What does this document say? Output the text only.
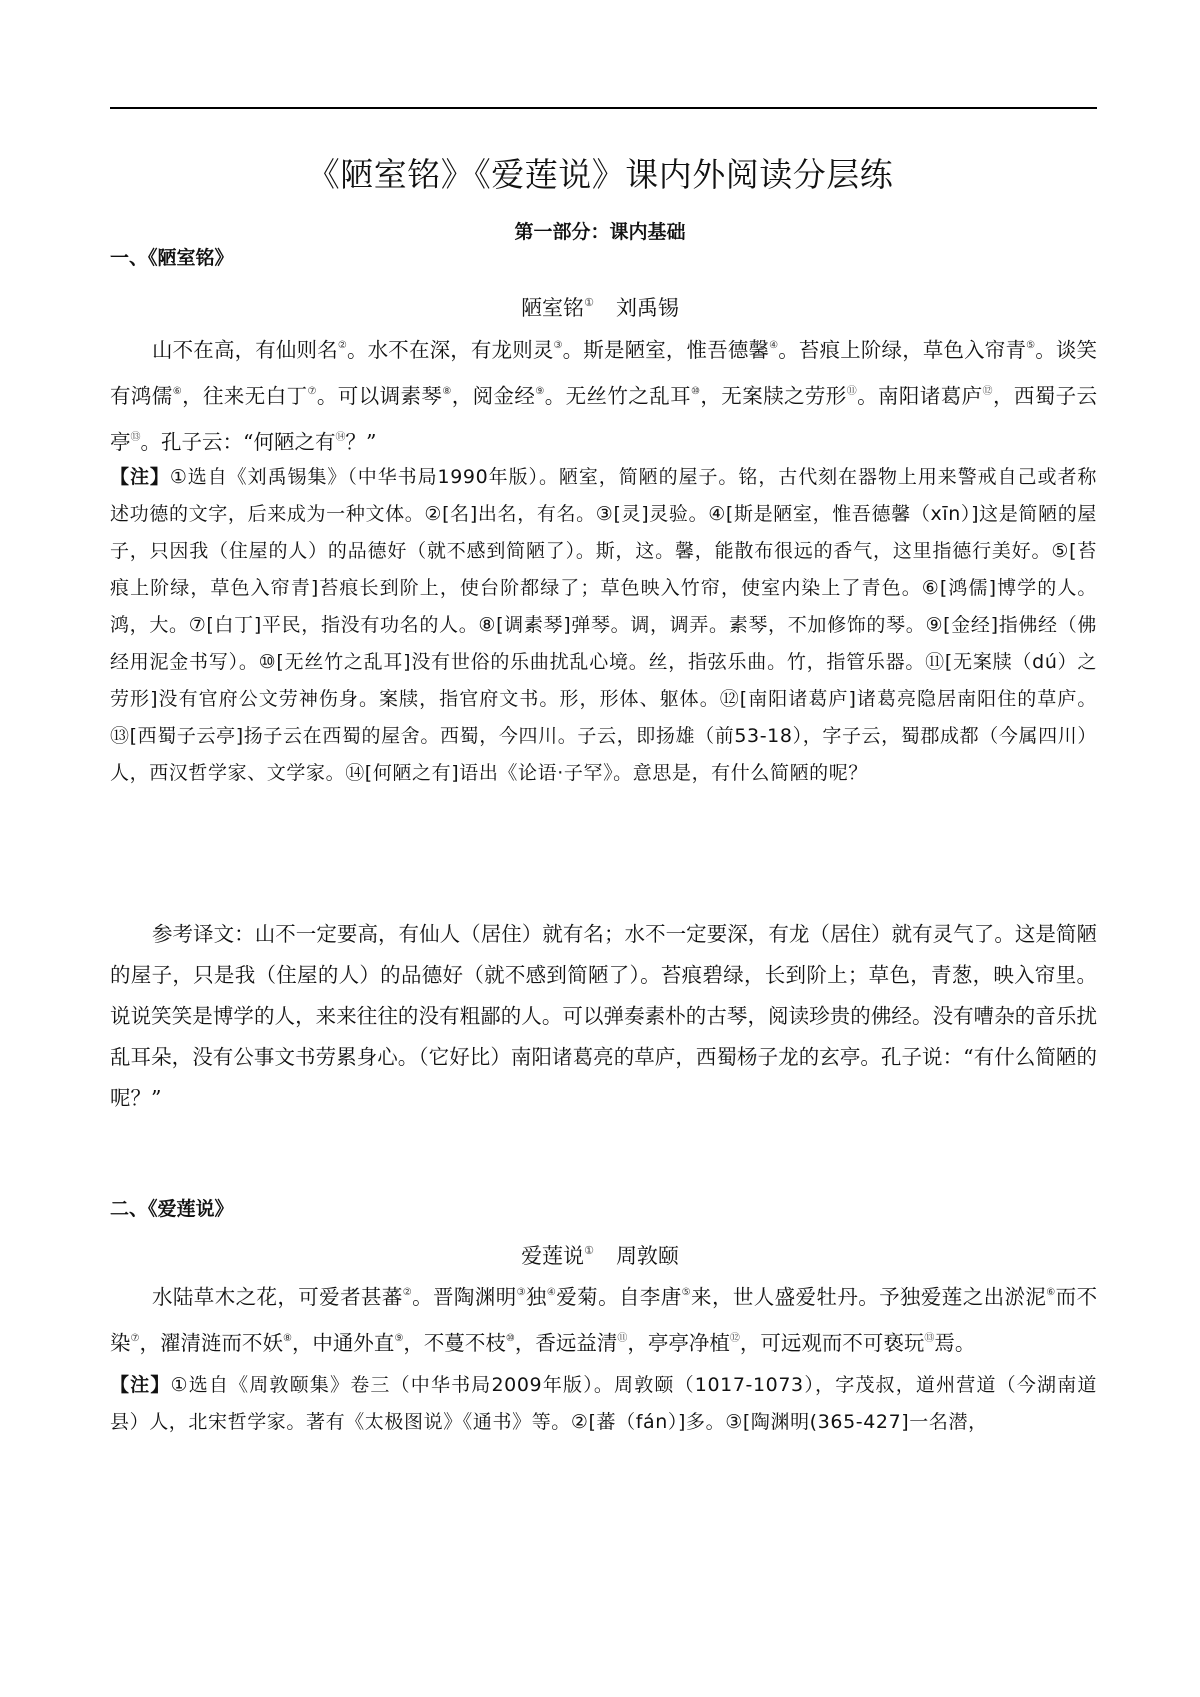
《陋室铭》《爱莲说》课内外阅读分层练
第一部分：课内基础
一、《陋室铭》

陋室铭① 刘禹锡

山不在高，有仙则名②。水不在深，有龙则灵③。斯是陋室，惟吾德馨④。苔痕上阶绿，草色入帘青⑤。谈笑有鸿儒⑥，往来无白丁⑦。可以调素琴⑧，阅金经⑨。无丝竹之乱耳⑩，无案牍之劳形⑪。南阳诸葛庐⑫，西蜀子云亭⑬。孔子云：“何陋之有⑭？”

【注】①选自《刘禹锡集》（中华书局1990年版）。陋室，简陋的屋子。铭，古代刻在器物上用来警戒自己或者称述功德的文字，后来成为一种文体。②[名]出名，有名。③[灵]灵验。④[斯是陋室，惟吾德馨（xīn）]这是简陋的屋子，只因我（住屋的人）的品德好（就不感到简陋了）。斯，这。馨，能散布很远的香气，这里指德行美好。⑤[苔痕上阶绿，草色入帘青]苔痕长到阶上，使台阶都绿了；草色映入竹帘，使室内染上了青色。⑥[鸿儒]博学的人。鸿，大。⑦[白丁]平民，指没有功名的人。⑧[调素琴]弹琴。调，调弄。素琴，不加修饰的琴。⑨[金经]指佛经（佛经用泥金书写）。⑩[无丝竹之乱耳]没有世俗的乐曲扰乱心境。丝，指弦乐曲。竹，指管乐器。⑪[无案牍（dú）之劳形]没有官府公文劳神伤身。案牍，指官府文书。形，形体、躯体。⑫[南阳诸葛庐]诸葛亮隐居南阳住的草庐。⑬[西蜀子云亭]扬子云在西蜀的屋舍。西蜀，今四川。子云，即扬雄（前53-18），字子云，蜀郡成都（今属四川）人，西汉哲学家、文学家。⑭[何陋之有]语出《论语·子罕》。意思是，有什么简陋的呢？

参考译文：山不一定要高，有仙人（居住）就有名；水不一定要深，有龙（居住）就有灵气了。这是简陋的屋子，只是我（住屋的人）的品德好（就不感到简陋了）。苔痕碧绿，长到阶上；草色，青葱，映入帘里。说说笑笑是博学的人，来来往往的没有粗鄙的人。可以弹奏素朴的古琴，阅读珍贵的佛经。没有嘈杂的音乐扰乱耳朵，没有公事文书劳累身心。（它好比）南阳诸葛亮的草庐，西蜀杨子龙的玄亭。孔子说：“有什么简陋的呢？”

二、《爱莲说》

爱莲说① 周敦颐

水陆草木之花，可爱者甚蕃②。晋陶渊明③独④爱菊。自李唐⑤来，世人盛爱牡丹。予独爱莲之出淤泥⑥而不染⑦，濯清涟而不妖⑧，中通外直⑨，不蔓不枝⑩，香远益清⑪，亭亭净植⑫，可远观而不可亵玩⑬焉。

【注】①选自《周敦颐集》卷三（中华书局2009年版）。周敦颐（1017-1073），字茂叔，道州营道（今湖南道县）人，北宋哲学家。著有《太极图说》《通书》等。②[蕃（fán）]多。③[陶渊明(365-427]一名潜，
